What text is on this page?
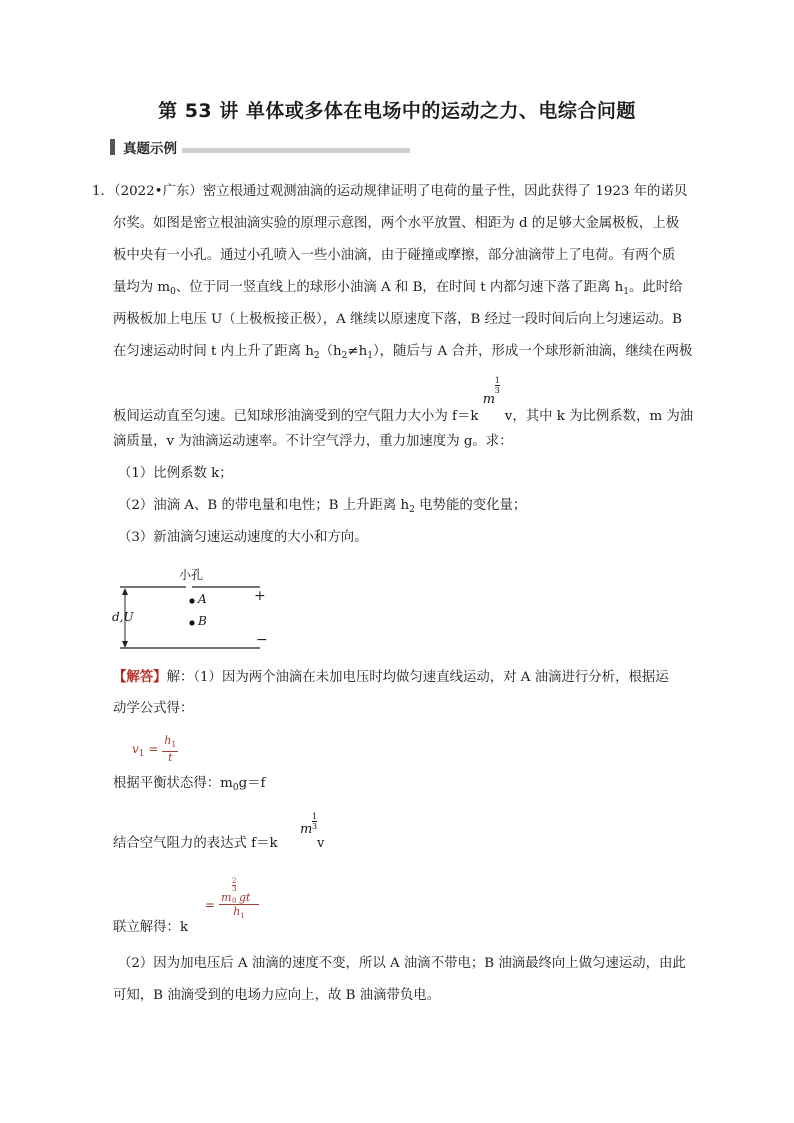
第 53 讲 单体或多体在电场中的运动之力、电综合问题
真题示例
1．（2022•广东）密立根通过观测油滴的运动规律证明了电荷的量子性，因此获得了 1923 年的诺贝
尔奖。如图是密立根油滴实验的原理示意图，两个水平放置、相距为 d 的足够大金属极板，上极
板中央有一小孔。通过小孔喷入一些小油滴，由于碰撞或摩擦，部分油滴带上了电荷。有两个质
量均为 $m_0$、位于同一竖直线上的球形小油滴 A 和 B，在时间 t 内都匀速下落了距离 $h_1$。此时给
两极板加上电压 U（上极板接正极），A 继续以原速度下落，B 经过一段时间后向上匀速运动。B
在匀速运动时间 t 内上升了距离 $h_2(h_2\ne h_1)$，随后与 A 合并，形成一个球形新油滴，继续在两极
板间运动直至匀速。已知球形油滴受到的空气阻力大小为 f＝k
m
$\frac{1}{3}$
v，其中 k 为比例系数，m 为油
滴质量，v 为油滴运动速率。不计空气浮力，重力加速度为 g。求：
（1）比例系数 k；
（2）油滴 A、B 的带电量和电性；B 上升距离 $h_2$ 电势能的变化量；
（3）新油滴匀速运动速度的大小和方向。
小孔
A
B
d,U
+
−
【解答】解：（1）因为两个油滴在未加电压时均做匀速直线运动，对 A 油滴进行分析，根据运
动学公式得：
$v_1 = \frac{h_1}{t}$
根据平衡状态得：$m_0g=f$
结合空气阻力的表达式 f＝k
m $\frac{1}{3}$
v
联立解得：k
= m
$\frac{2}{3}$
0 gt
$h_1$
（2）因为加电压后 A 油滴的速度不变，所以 A 油滴不带电；B 油滴最终向上做匀速运动，由此
可知，B 油滴受到的电场力应向上，故 B 油滴带负电。
